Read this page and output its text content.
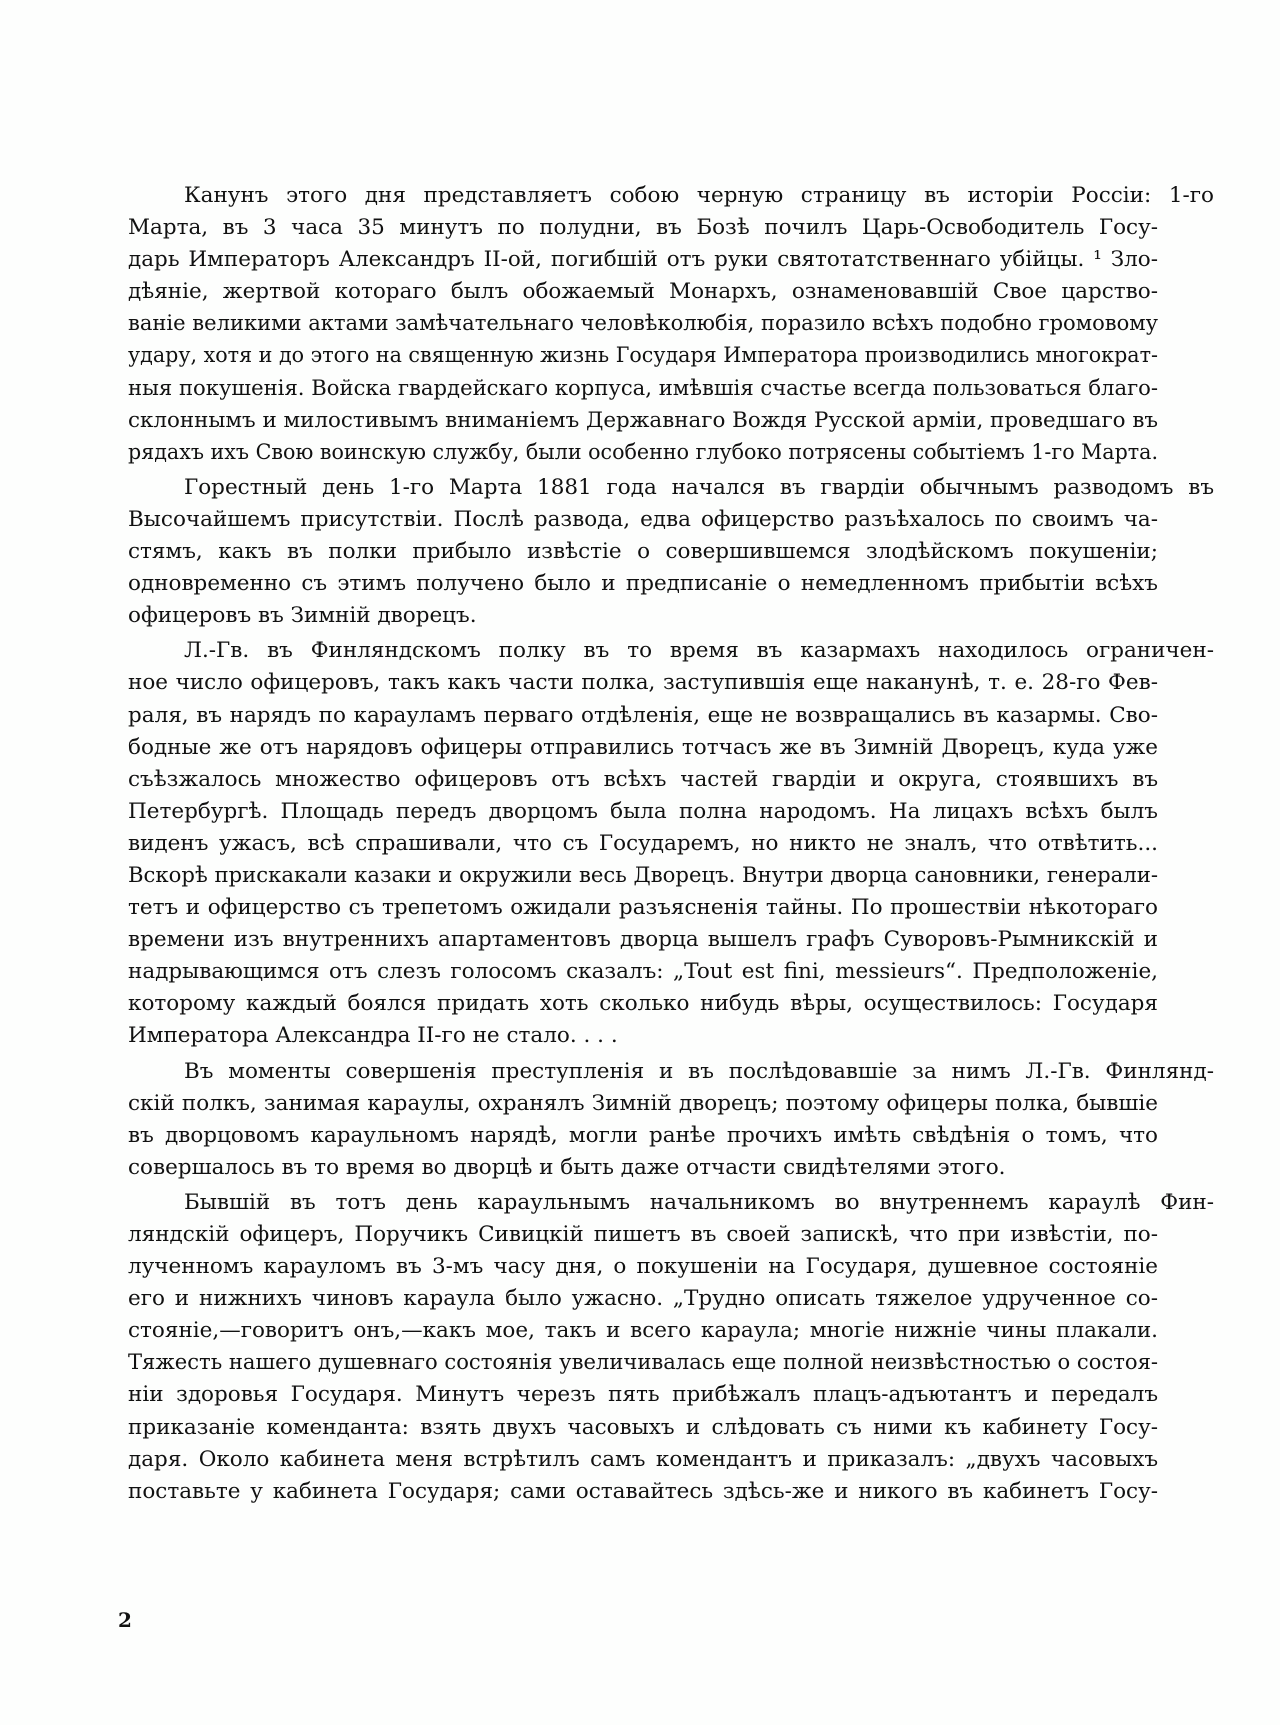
Канунъ этого дня представляетъ собою черную страницу въ исторіи Россіи: 1-го
Марта, въ 3 часа 35 минутъ по полудни, въ Бозѣ почилъ Царь-Освободитель Госу-
дарь Императоръ Александръ II-ой, погибшій отъ руки святотатственнаго убійцы. ¹ Зло-
дѣяніе, жертвой котораго былъ обожаемый Монархъ, ознаменовавшій Свое царство-
ваніе великими актами замѣчательнаго человѣколюбія, поразило всѣхъ подобно громовому
удару, хотя и до этого на священную жизнь Государя Императора производились многократ-
ныя покушенія. Войска гвардейскаго корпуса, имѣвшія счастье всегда пользоваться благо-
склоннымъ и милостивымъ вниманіемъ Державнаго Вождя Русской арміи, проведшаго въ
рядахъ ихъ Свою воинскую службу, были особенно глубоко потрясены событіемъ 1-го Марта.
Горестный день 1-го Марта 1881 года начался въ гвардіи обычнымъ разводомъ въ
Высочайшемъ присутствіи. Послѣ развода, едва офицерство разъѣхалось по своимъ ча-
стямъ, какъ въ полки прибыло извѣстіе о совершившемся злодѣйскомъ покушеніи;
одновременно съ этимъ получено было и предписаніе о немедленномъ прибытіи всѣхъ
офицеровъ въ Зимній дворецъ.
Л.-Гв. въ Финляндскомъ полку въ то время въ казармахъ находилось ограничен-
ное число офицеровъ, такъ какъ части полка, заступившія еще наканунѣ, т. е. 28-го Фев-
раля, въ нарядъ по карауламъ перваго отдѣленія, еще не возвращались въ казармы. Сво-
бодные же отъ нарядовъ офицеры отправились тотчасъ же въ Зимній Дворецъ, куда уже
съѣзжалось множество офицеровъ отъ всѣхъ частей гвардіи и округа, стоявшихъ въ
Петербургѣ. Площадь передъ дворцомъ была полна народомъ. На лицахъ всѣхъ былъ
виденъ ужасъ, всѣ спрашивали, что съ Государемъ, но никто не зналъ, что отвѣтить...
Вскорѣ прискакали казаки и окружили весь Дворецъ. Внутри дворца сановники, генерали-
тетъ и офицерство съ трепетомъ ожидали разъясненія тайны. По прошествіи нѣкотораго
времени изъ внутреннихъ апартаментовъ дворца вышелъ графъ Суворовъ-Рымникскій и
надрывающимся отъ слезъ голосомъ сказалъ: „Tout est fini, messieurs“. Предположеніе,
которому каждый боялся придать хоть сколько нибудь вѣры, осуществилось: Государя
Императора Александра II-го не стало. . . .
Въ моменты совершенія преступленія и въ послѣдовавшіе за нимъ Л.-Гв. Финлянд-
скій полкъ, занимая караулы, охранялъ Зимній дворецъ; поэтому офицеры полка, бывшіе
въ дворцовомъ караульномъ нарядѣ, могли ранѣе прочихъ имѣть свѣдѣнія о томъ, что
совершалось въ то время во дворцѣ и быть даже отчасти свидѣтелями этого.
Бывшій въ тотъ день караульнымъ начальникомъ во внутреннемъ караулѣ Фин-
ляндскій офицеръ, Поручикъ Сивицкій пишетъ въ своей запискѣ, что при извѣстіи, по-
лученномъ карауломъ въ 3-мъ часу дня, о покушеніи на Государя, душевное состояніе
его и нижнихъ чиновъ караула было ужасно. „Трудно описать тяжелое удрученное со-
стояніе,—говоритъ онъ,—какъ мое, такъ и всего караула; многіе нижніе чины плакали.
Тяжесть нашего душевнаго состоянія увеличивалась еще полной неизвѣстностью о состоя-
ніи здоровья Государя. Минутъ черезъ пять прибѣжалъ плацъ-адъютантъ и передалъ
приказаніе коменданта: взять двухъ часовыхъ и слѣдовать съ ними къ кабинету Госу-
даря. Около кабинета меня встрѣтилъ самъ комендантъ и приказалъ: „двухъ часовыхъ
поставьте у кабинета Государя; сами оставайтесь здѣсь-же и никого въ кабинетъ Госу-
2
